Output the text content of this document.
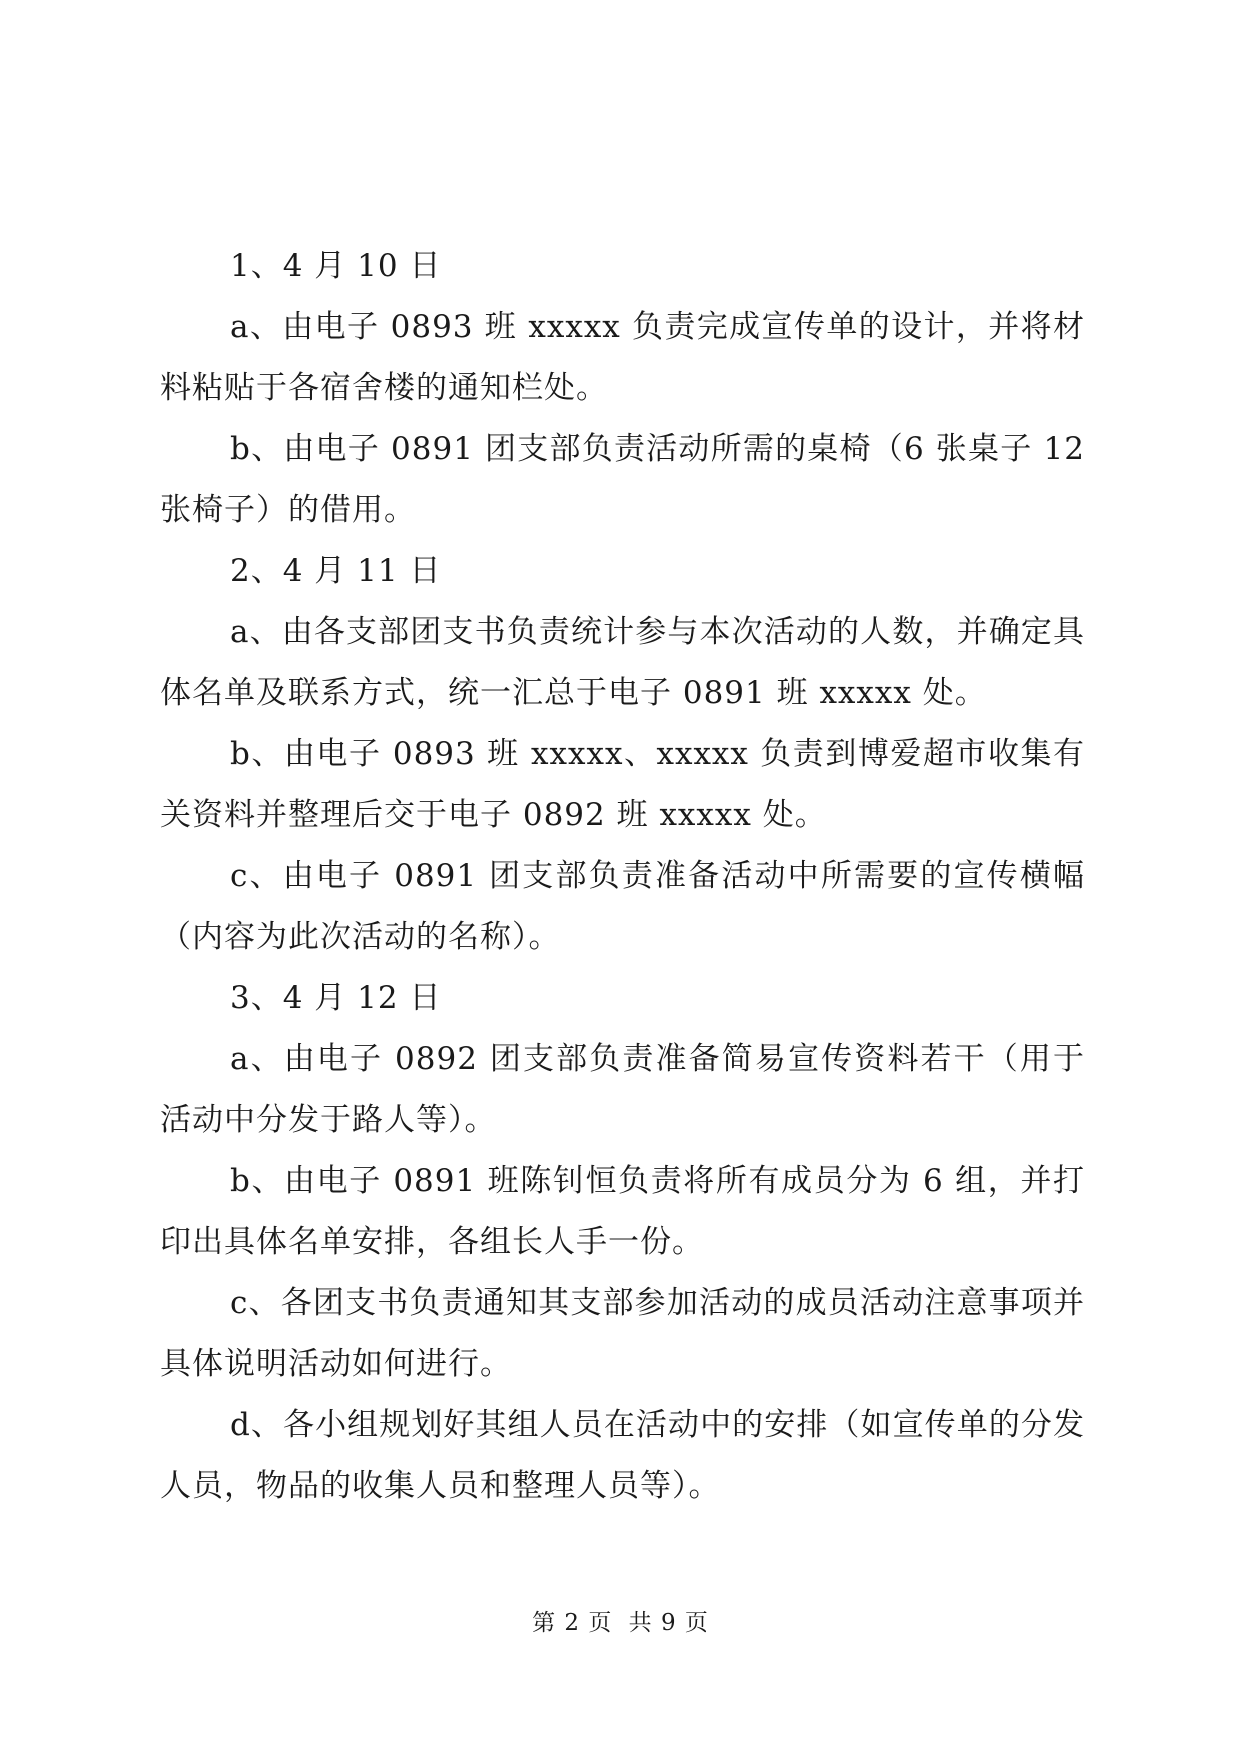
1、4 月 10 日

a、由电子 0893 班 xxxxx 负责完成宣传单的设计，并将材料粘贴于各宿舍楼的通知栏处。

b、由电子 0891 团支部负责活动所需的桌椅（6 张桌子 12 张椅子）的借用。

2、4 月 11 日

a、由各支部团支书负责统计参与本次活动的人数，并确定具体名单及联系方式，统一汇总于电子 0891 班 xxxxx 处。

b、由电子 0893 班 xxxxx、xxxxx 负责到博爱超市收集有关资料并整理后交于电子 0892 班 xxxxx 处。

c、由电子 0891 团支部负责准备活动中所需要的宣传横幅（内容为此次活动的名称）。

3、4 月 12 日

a、由电子 0892 团支部负责准备简易宣传资料若干（用于活动中分发于路人等）。

b、由电子 0891 班陈钊恒负责将所有成员分为 6 组，并打印出具体名单安排，各组长人手一份。

c、各团支书负责通知其支部参加活动的成员活动注意事项并具体说明活动如何进行。

d、各小组规划好其组人员在活动中的安排（如宣传单的分发人员，物品的收集人员和整理人员等）。

第 2 页 共 9 页
